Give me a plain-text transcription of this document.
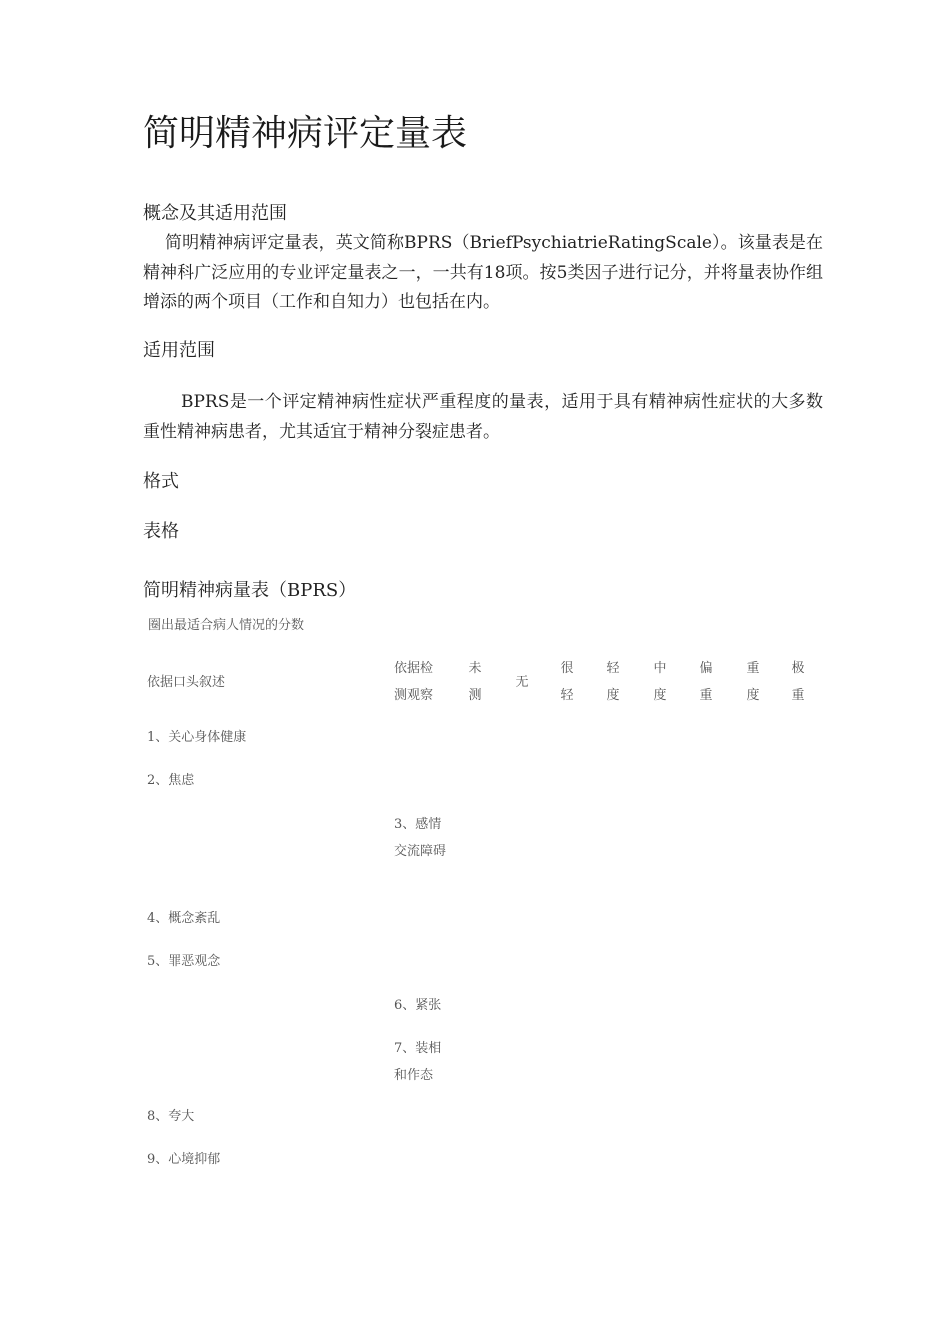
简明精神病评定量表

概念及其适用范围

简明精神病评定量表，英文简称BPRS（BriefPsychiatrieRatingScale）。该量表是在精神科广泛应用的专业评定量表之一，一共有18项。按5类因子进行记分，并将量表协作组增添的两个项目（工作和自知力）也包括在内。

适用范围

BPRS是一个评定精神病性症状严重程度的量表，适用于具有精神病性症状的大多数重性精神病患者，尤其适宜于精神分裂症患者。

格式

表格

简明精神病量表（BPRS）

圈出最适合病人情况的分数

依据口头叙述
依据检测观察
未测
无
很轻
轻度
中度
偏重
重度
极重
1、关心身体健康
2、焦虑
3、感情交流障碍
4、概念紊乱
5、罪恶观念
6、紧张
7、装相和作态
8、夸大
9、心境抑郁
